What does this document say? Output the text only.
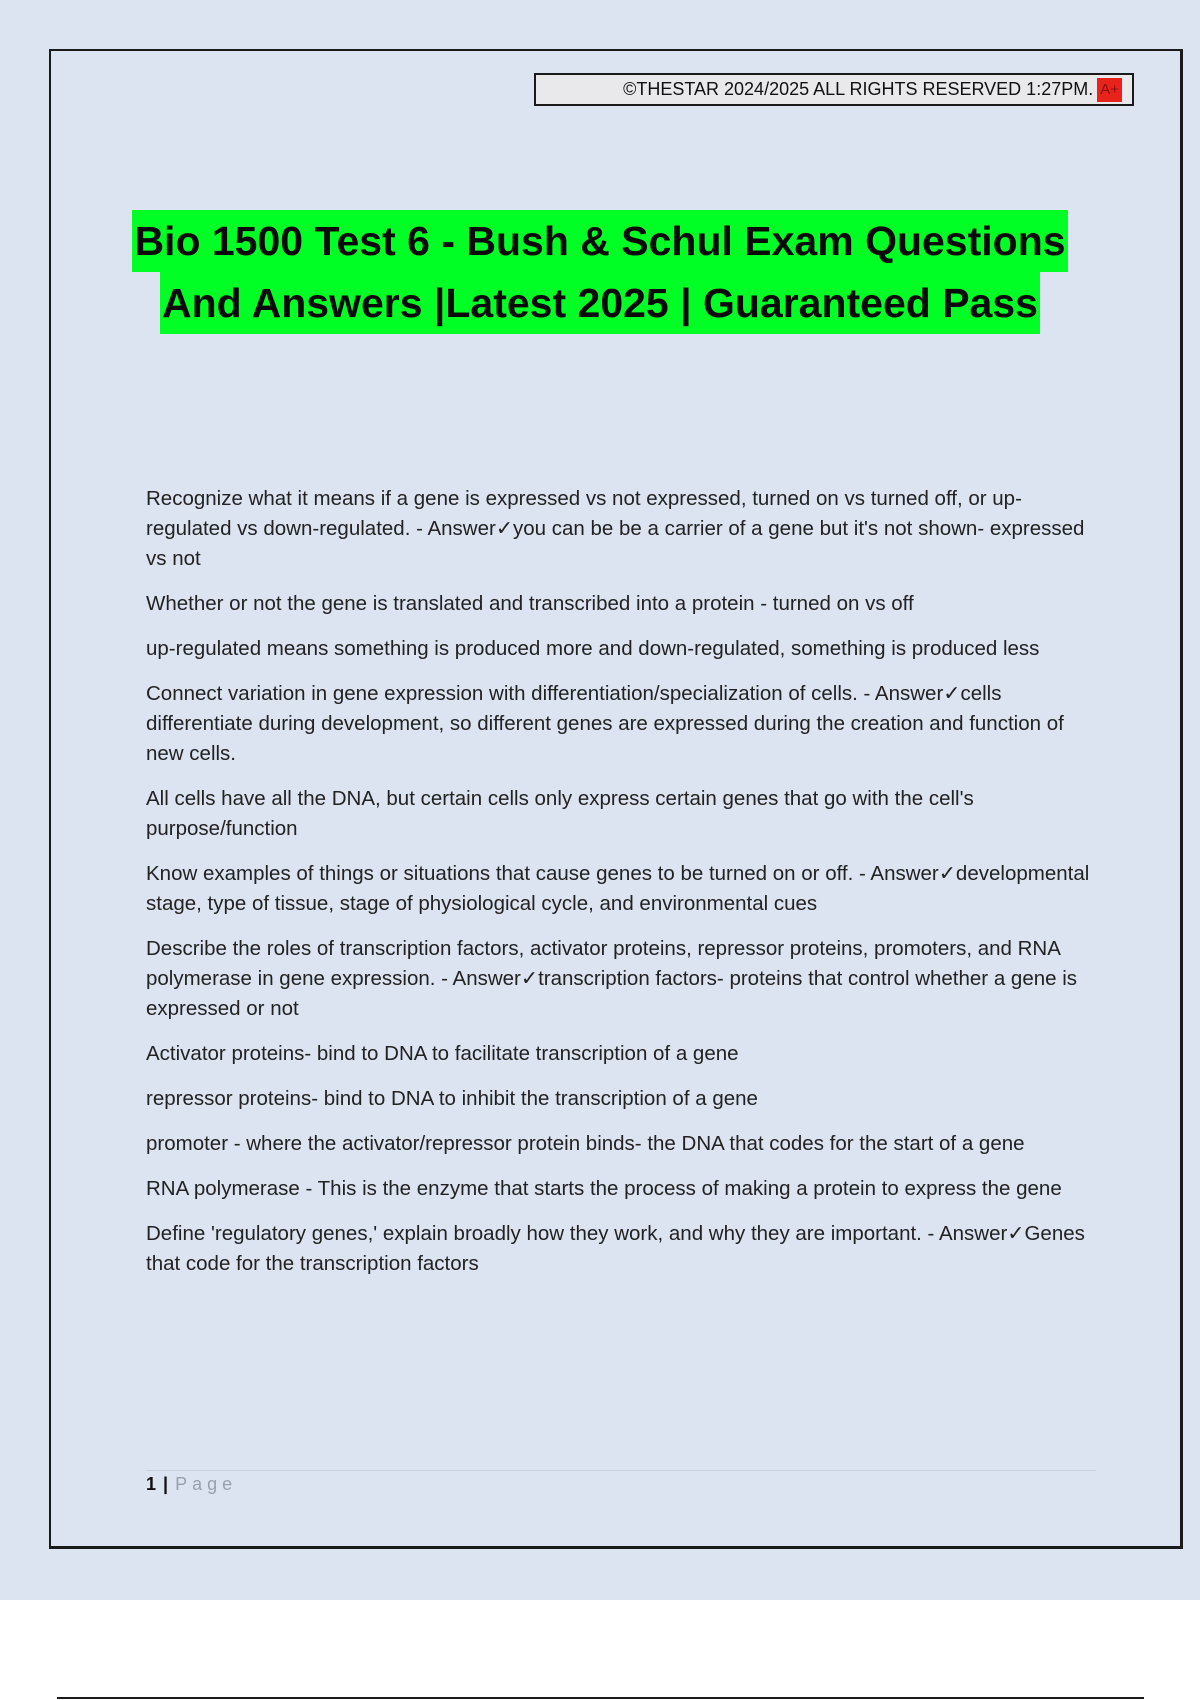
©THESTAR 2024/2025 ALL RIGHTS RESERVED 1:27PM. A+
Bio 1500 Test 6 - Bush & Schul Exam Questions
And Answers |Latest 2025 | Guaranteed Pass

Recognize what it means if a gene is expressed vs not expressed, turned on vs turned off, or up-regulated vs down-regulated. - Answer✓you can be be a carrier of a gene but it's not shown- expressed vs not

Whether or not the gene is translated and transcribed into a protein - turned on vs off

up-regulated means something is produced more and down-regulated, something is produced less

Connect variation in gene expression with differentiation/specialization of cells. - Answer✓cells differentiate during development, so different genes are expressed during the creation and function of new cells.

All cells have all the DNA, but certain cells only express certain genes that go with the cell's purpose/function

Know examples of things or situations that cause genes to be turned on or off. - Answer✓developmental stage, type of tissue, stage of physiological cycle, and environmental cues

Describe the roles of transcription factors, activator proteins, repressor proteins, promoters, and RNA polymerase in gene expression. - Answer✓transcription factors- proteins that control whether a gene is expressed or not

Activator proteins- bind to DNA to facilitate transcription of a gene

repressor proteins- bind to DNA to inhibit the transcription of a gene

promoter - where the activator/repressor protein binds- the DNA that codes for the start of a gene

RNA polymerase - This is the enzyme that starts the process of making a protein to express the gene

Define 'regulatory genes,' explain broadly how they work, and why they are important. - Answer✓Genes that code for the transcription factors

1 | Page
